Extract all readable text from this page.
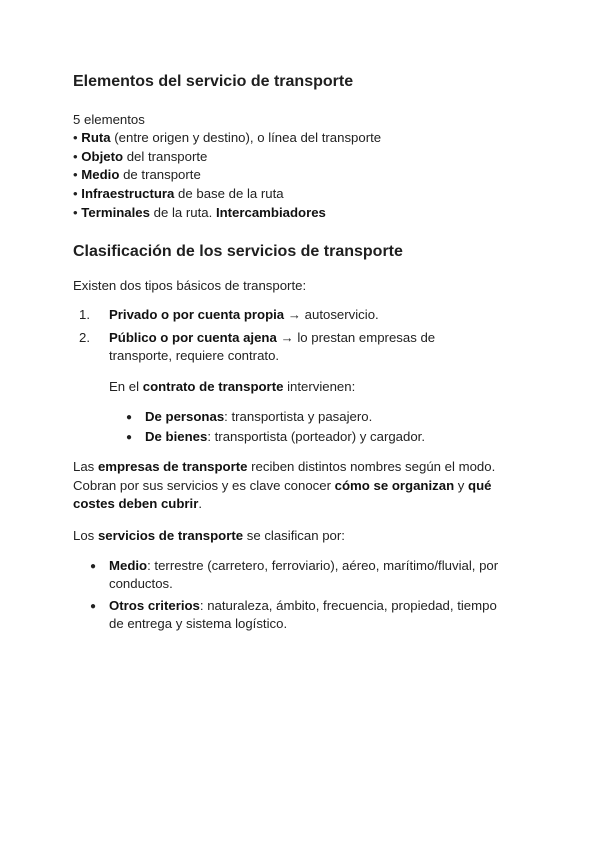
Elementos del servicio de transporte
5 elementos
• Ruta (entre origen y destino), o línea del transporte
• Objeto del transporte
• Medio de transporte
• Infraestructura de base de la ruta
• Terminales de la ruta. Intercambiadores
Clasificación de los servicios de transporte
Existen dos tipos básicos de transporte:
1. Privado o por cuenta propia → autoservicio.
2. Público o por cuenta ajena → lo prestan empresas de
transporte, requiere contrato.
En el contrato de transporte intervienen:
● De personas: transportista y pasajero.
● De bienes: transportista (porteador) y cargador.
Las empresas de transporte reciben distintos nombres según el modo.
Cobran por sus servicios y es clave conocer cómo se organizan y qué
costes deben cubrir.
Los servicios de transporte se clasifican por:
● Medio: terrestre (carretero, ferroviario), aéreo, marítimo/fluvial, por
conductos.
● Otros criterios: naturaleza, ámbito, frecuencia, propiedad, tiempo
de entrega y sistema logístico.
